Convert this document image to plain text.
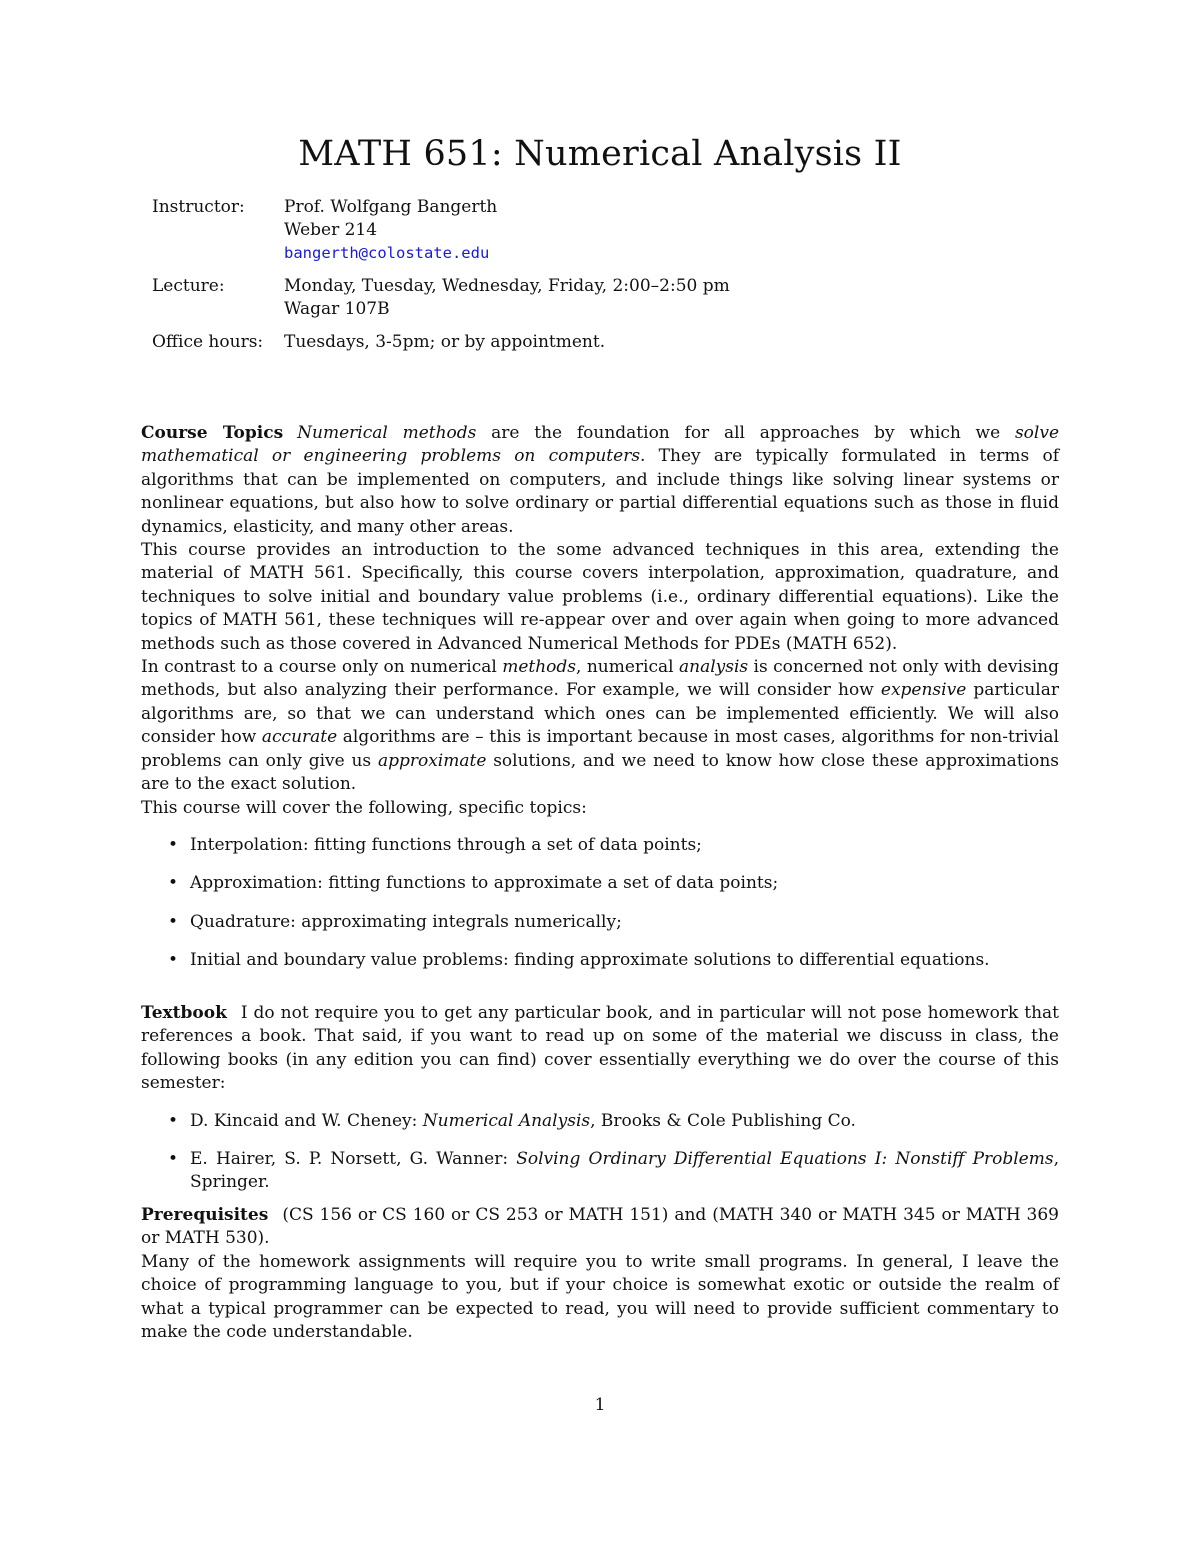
MATH 651: Numerical Analysis II
Instructor:	Prof. Wolfgang Bangerth
Weber 214
bangerth@colostate.edu
Lecture:	Monday, Tuesday, Wednesday, Friday, 2:00–2:50 pm
Wagar 107B
Office hours:	Tuesdays, 3-5pm; or by appointment.

Course Topics Numerical methods are the foundation for all approaches by which we solve mathematical or engineering problems on computers. They are typically formulated in terms of algorithms that can be implemented on computers, and include things like solving linear systems or nonlinear equations, but also how to solve ordinary or partial differential equations such as those in fluid dynamics, elasticity, and many other areas.

This course provides an introduction to the some advanced techniques in this area, extending the material of MATH 561. Specifically, this course covers interpolation, approximation, quadrature, and techniques to solve initial and boundary value problems (i.e., ordinary differential equations). Like the topics of MATH 561, these techniques will re-appear over and over again when going to more advanced methods such as those covered in Advanced Numerical Methods for PDEs (MATH 652).

In contrast to a course only on numerical methods, numerical analysis is concerned not only with devising methods, but also analyzing their performance. For example, we will consider how expensive particular algorithms are, so that we can understand which ones can be implemented efficiently. We will also consider how accurate algorithms are – this is important because in most cases, algorithms for non-trivial problems can only give us approximate solutions, and we need to know how close these approximations are to the exact solution.

This course will cover the following, specific topics:

• Interpolation: fitting functions through a set of data points;
• Approximation: fitting functions to approximate a set of data points;
• Quadrature: approximating integrals numerically;
• Initial and boundary value problems: finding approximate solutions to differential equations.

Textbook I do not require you to get any particular book, and in particular will not pose homework that references a book. That said, if you want to read up on some of the material we discuss in class, the following books (in any edition you can find) cover essentially everything we do over the course of this semester:

• D. Kincaid and W. Cheney: Numerical Analysis, Brooks & Cole Publishing Co.
• E. Hairer, S. P. Norsett, G. Wanner: Solving Ordinary Differential Equations I: Nonstiff Problems, Springer.

Prerequisites (CS 156 or CS 160 or CS 253 or MATH 151) and (MATH 340 or MATH 345 or MATH 369 or MATH 530).

Many of the homework assignments will require you to write small programs. In general, I leave the choice of programming language to you, but if your choice is somewhat exotic or outside the realm of what a typical programmer can be expected to read, you will need to provide sufficient commentary to make the code understandable.

1
